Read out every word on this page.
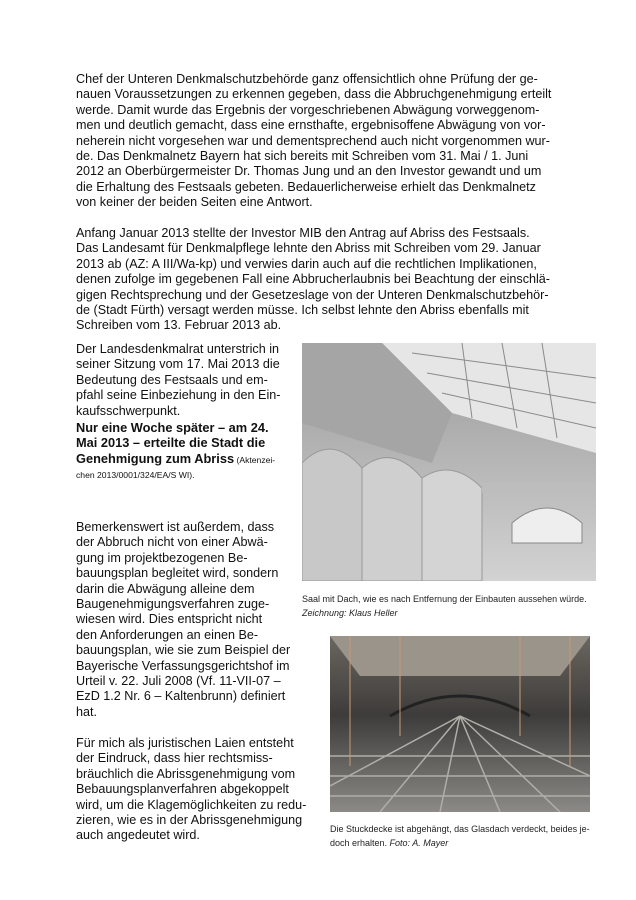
Chef der Unteren Denkmalschutzbehörde ganz offensichtlich ohne Prüfung der ge-
nauen Voraussetzungen zu erkennen gegeben, dass die Abbruchgenehmigung erteilt
werde. Damit wurde das Ergebnis der vorgeschriebenen Abwägung vorweggenom-
men und deutlich gemacht, dass eine ernsthafte, ergebnisoffene Abwägung von vor-
neherein nicht vorgesehen war und dementsprechend auch nicht vorgenommen wur-
de. Das Denkmalnetz Bayern hat sich bereits mit Schreiben vom 31. Mai / 1. Juni
2012 an Oberbürgermeister Dr. Thomas Jung und an den Investor gewandt und um
die Erhaltung des Festsaals gebeten. Bedauerlicherweise erhielt das Denkmalnetz
von keiner der beiden Seiten eine Antwort.
Anfang Januar 2013 stellte der Investor MIB den Antrag auf Abriss des Festsaals.
Das Landesamt für Denkmalpflege lehnte den Abriss mit Schreiben vom 29. Januar
2013 ab (AZ: A III/Wa-kp) und verwies darin auch auf die rechtlichen Implikationen,
denen zufolge im gegebenen Fall eine Abbrucherlaubnis bei Beachtung der einschlä-
gigen Rechtsprechung und der Gesetzeslage von der Unteren Denkmalschutzbehör-
de (Stadt Fürth) versagt werden müsse. Ich selbst lehnte den Abriss ebenfalls mit
Schreiben vom 13. Februar 2013 ab.
Der Landesdenkmalrat unterstrich in
seiner Sitzung vom 17. Mai 2013 die
Bedeutung des Festsaals und em-
pfahl seine Einbeziehung in den Ein-
kaufsschwerpunkt.
Nur eine Woche später – am 24.
Mai 2013 – erteilte die Stadt die
Genehmigung zum Abriss (Aktenzei-
chen 2013/0001/324/EA/S WI).
Bemerkenswert ist außerdem, dass
der Abbruch nicht von einer Abwä-
gung im projektbezogenen Be-
bauungsplan begleitet wird, sondern
darin die Abwägung alleine dem
Baugenehmigungsverfahren zuge-
wiesen wird. Dies entspricht nicht
den Anforderungen an einen Be-
bauungsplan, wie sie zum Beispiel der
Bayerische Verfassungsgerichtshof im
Urteil v. 22. Juli 2008 (Vf. 11-VII-07 –
EzD 1.2 Nr. 6 – Kaltenbrunn) definiert
hat.
Für mich als juristischen Laien entsteht
der Eindruck, dass hier rechtsmiss-
bräuchlich die Abrissgenehmigung vom
Bebauungsplanverfahren abgekoppelt
wird, um die Klagemöglichkeiten zu redu-
zieren, wie es in der Abrissgenehmigung
auch angedeutet wird.
Saal mit Dach, wie es nach Entfernung der Einbauten aussehen würde.
Zeichnung: Klaus Heller
Die Stuckdecke ist abgehängt, das Glasdach verdeckt, beides je-
doch erhalten. Foto: A. Mayer
